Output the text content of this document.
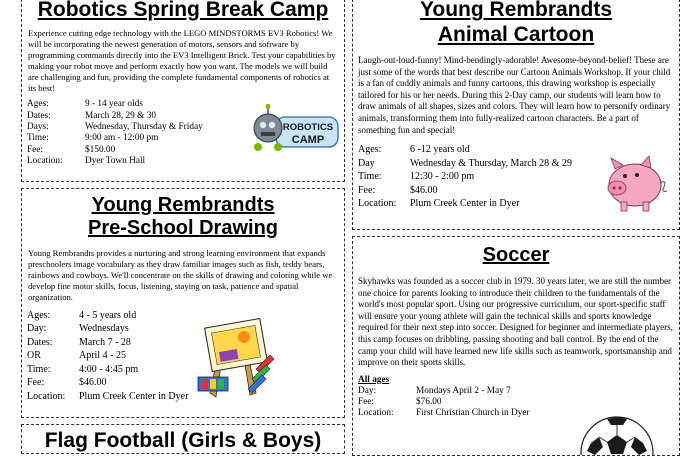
Robotics Spring Break Camp

Experience cutting edge technology with the LEGO MINDSTORMS EV3 Robotics! We will be incorporating the newest generation of motors, sensors and software by programming commands directly into the EV3 Intelligent Brick. Test your capabilities by making your robot move and perform exactly how you want. The models we will build are challenging and fun, providing the complete fundamental components of robotics at its best!

Ages:	9 - 14 year olds
Dates:	March 28, 29 & 30
Days:	Wednesday, Thursday & Friday
Time:	9:00 am - 12:00 pm
Fee:	$150.00
Location:	Dyer Town Hall
ROBOTICS
CAMP
Young Rembrandts
Pre-School Drawing

Young Rembrandts provides a nurturing and strong learning environment that expands preschoolers image vocabulary as they draw familiar images such as fish, teddy bears, rainbows and cowboys. We'll concentrate on the skills of drawing and coloring while we develop fine motor skills, focus, listening, staying on task, patience and spatial organization.

Ages:	4 - 5 years old
Day:	Wednesdays
Dates:	March 7 - 28
OR	April 4 - 25
Time:	4:00 - 4:45 pm
Fee:	$46.00
Location:	Plum Creek Center in Dyer
Flag Football (Girls & Boys)
Young Rembrandts
Animal Cartoon

Laugh-out-loud-funny! Mind-bendingly-adorable! Awesome-beyond-belief! These are just some of the words that best describe our Cartoon Animals Workshop. If your child is a fan of cuddly animals and funny cartoons, this drawing workshop is especially tailored for his or her needs. During this 2-Day camp, our students will learn how to draw animals of all shapes, sizes and colors. They will learn how to personify ordinary animals, transforming them into fully-realized cartoon characters. Be a part of something fun and special!

Ages:	6 -12 years old
Day	Wednesday & Thursday, March 28 & 29
Time:	12:30 - 2:00 pm
Fee:	$46.00
Location:	Plum Creek Center in Dyer
Soccer

Skyhawks was founded as a soccer club in 1979. 30 years later, we are still the number one choice for parents looking to introduce their children to the fundamentals of the world's most popular sport. Using our progressive curriculum, our sport-specific staff will ensure your young athlete will gain the technical skills and sports knowledge required for their next step into soccer. Designed for beginner and intermediate players, this camp focuses on dribbling, passing shooting and ball control. By the end of the camp your child will have learned new life skills such as teamwork, sportsmanship and improve on their sports skills.

All ages

Day:	Mondays April 2 - May 7
Fee:	$76.00
Location:	First Christian Church in Dyer
